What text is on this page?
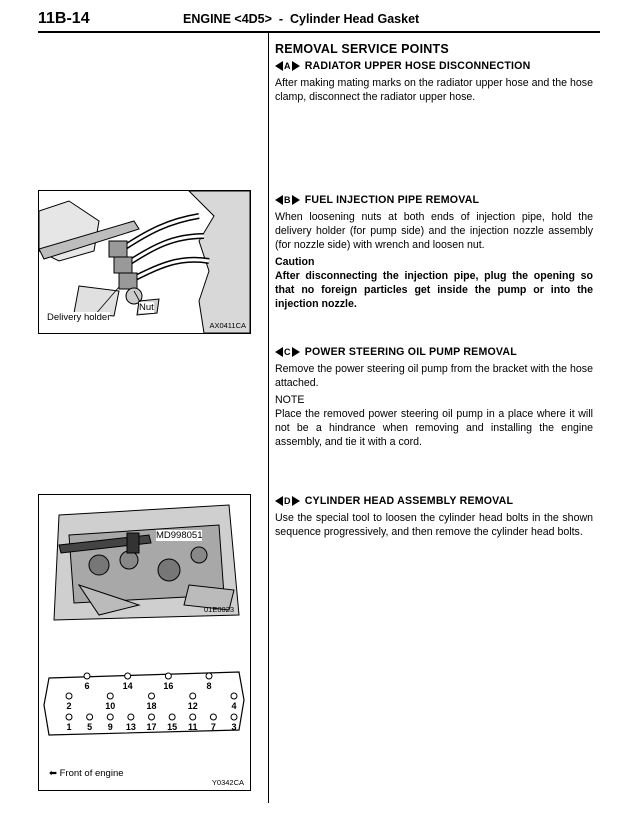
11B-14	ENGINE <4D5>  -  Cylinder Head Gasket
REMOVAL SERVICE POINTS
A RADIATOR UPPER HOSE DISCONNECTION

After making mating marks on the radiator upper hose and the hose clamp, disconnect the radiator upper hose.

B FUEL INJECTION PIPE REMOVAL

When loosening nuts at both ends of injection pipe, hold the delivery holder (for pump side) and the injection nozzle assembly (for nozzle side) with wrench and loosen nut.

Caution

After disconnecting the injection pipe, plug the opening so that no foreign particles get inside the pump or into the injection nozzle.

C POWER STEERING OIL PUMP REMOVAL

Remove the power steering oil pump from the bracket with the hose attached.

NOTE

Place the removed power steering oil pump in a place where it will not be a hindrance when removing and installing the engine assembly, and tie it with a cord.

D CYLINDER HEAD ASSEMBLY REMOVAL

Use the special tool to loosen the cylinder head bolts in the shown sequence progressively, and then remove the cylinder head bolts.

Nut
Delivery holder
AX0411CA
MD998051
01E0023
6	14	16	8
2	10	18	12	4
1	5	9	13 17 15 11	7	3
⬅︎ Front of engine
Y0342CA
